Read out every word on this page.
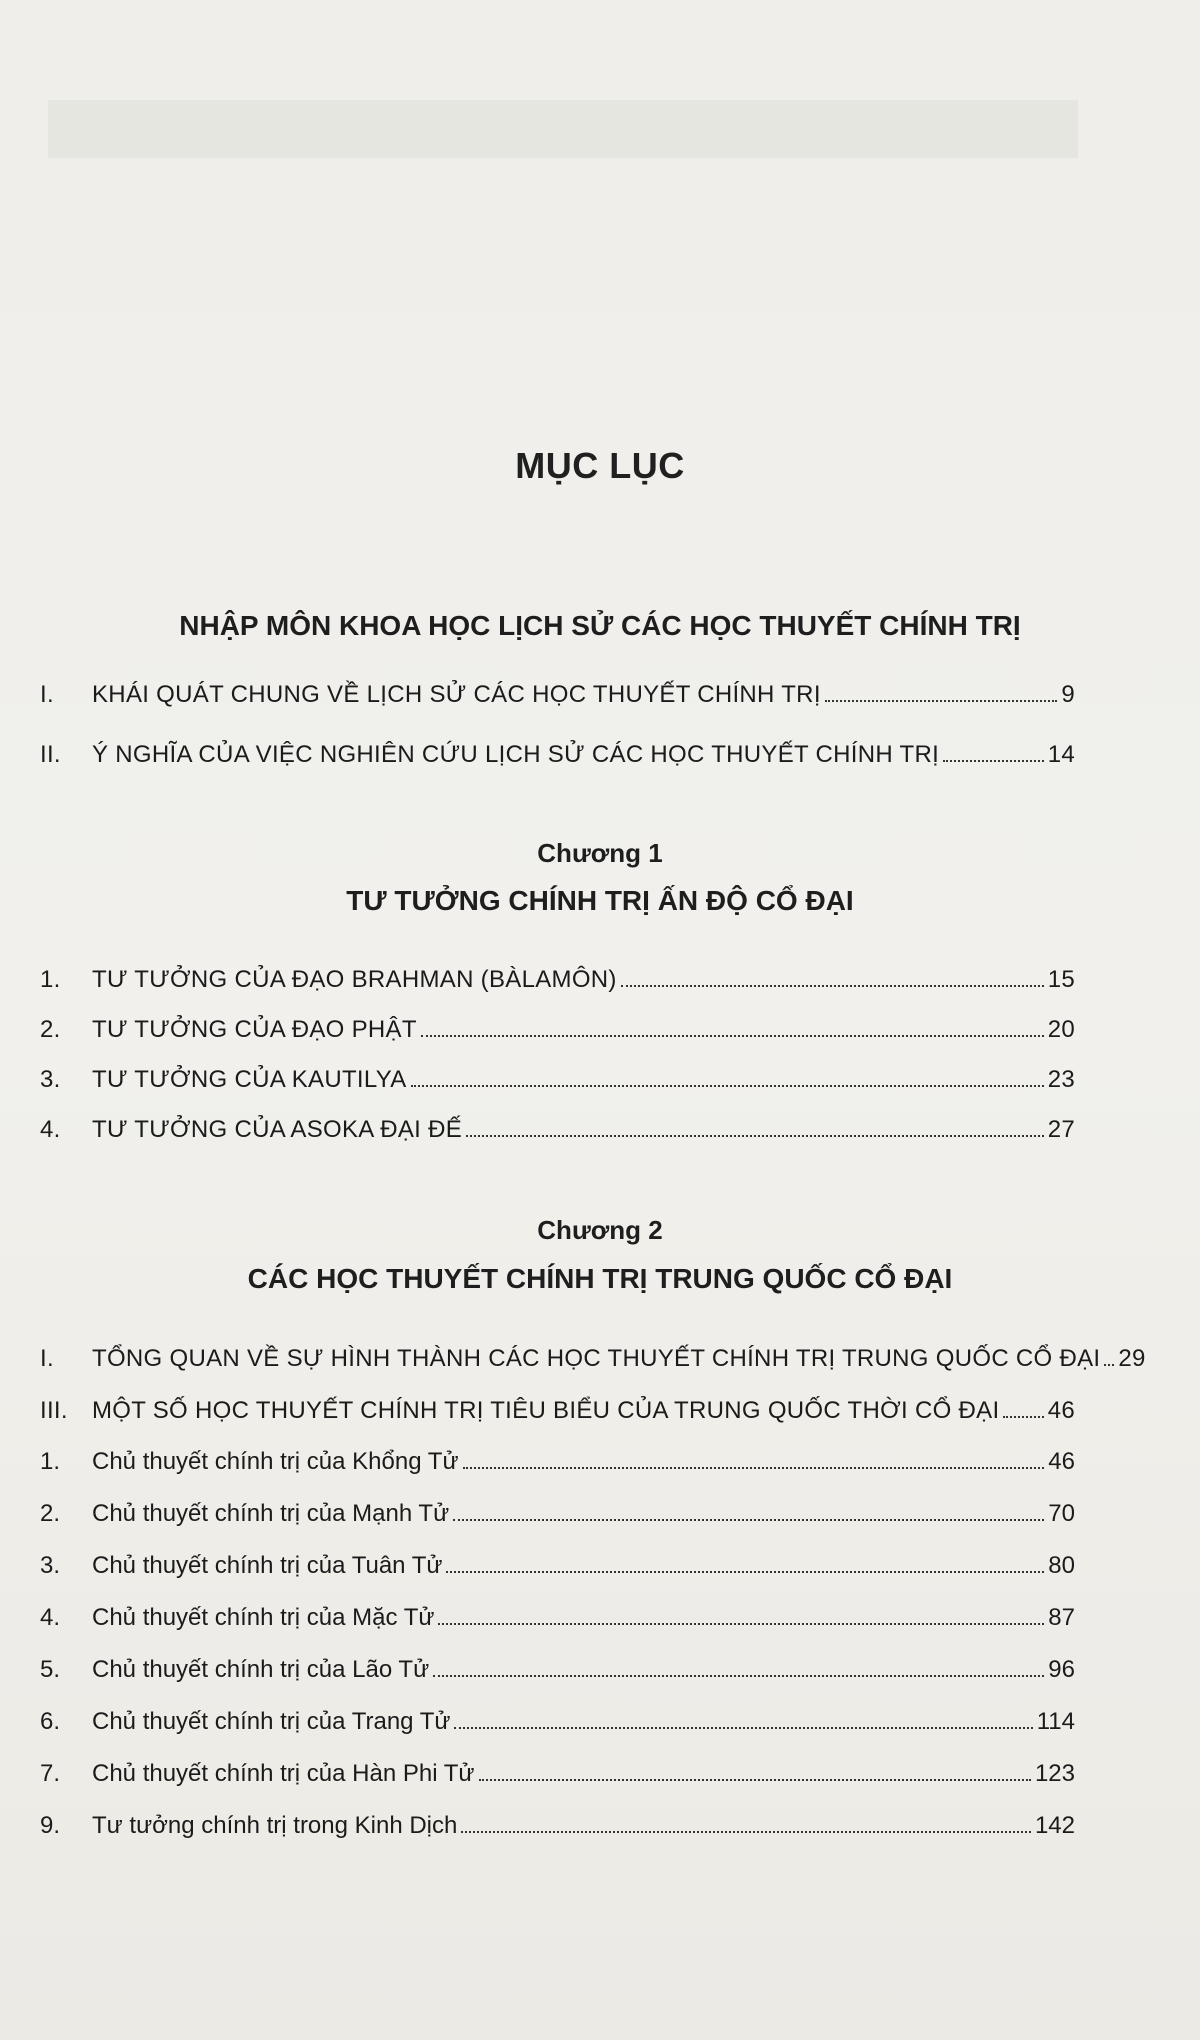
MỤC LỤC
NHẬP MÔN KHOA HỌC LỊCH SỬ CÁC HỌC THUYẾT CHÍNH TRỊ
I.	KHÁI QUÁT CHUNG VỀ LỊCH SỬ CÁC HỌC THUYẾT CHÍNH TRỊ	9
II.	Ý NGHĨA CỦA VIỆC NGHIÊN CỨU LỊCH SỬ CÁC HỌC THUYẾT CHÍNH TRỊ	14
Chương 1
TƯ TƯỞNG CHÍNH TRỊ ẤN ĐỘ CỔ ĐẠI
1.	TƯ TƯỞNG CỦA ĐẠO BRAHMAN (BÀLAMÔN)	15
2.	TƯ TƯỞNG CỦA ĐẠO PHẬT	20
3.	TƯ TƯỞNG CỦA KAUTILYA	23
4.	TƯ TƯỞNG CỦA ASOKA ĐẠI ĐẾ	27
Chương 2
CÁC HỌC THUYẾT CHÍNH TRỊ TRUNG QUỐC CỔ ĐẠI
I.	TỔNG QUAN VỀ SỰ HÌNH THÀNH CÁC HỌC THUYẾT CHÍNH TRỊ TRUNG QUỐC CỔ ĐẠI 29
III.	MỘT SỐ HỌC THUYẾT CHÍNH TRỊ TIÊU BIỂU CỦA TRUNG QUỐC THỜI CỔ ĐẠI 46
1.	Chủ thuyết chính trị của Khổng Tử	46
2.	Chủ thuyết chính trị của Mạnh Tử	70
3.	Chủ thuyết chính trị của Tuân Tử	80
4.	Chủ thuyết chính trị của Mặc Tử	87
5.	Chủ thuyết chính trị của Lão Tử	96
6.	Chủ thuyết chính trị của Trang Tử	114
7.	Chủ thuyết chính trị của Hàn Phi Tử	123
9.	Tư tưởng chính trị trong Kinh Dịch	142
